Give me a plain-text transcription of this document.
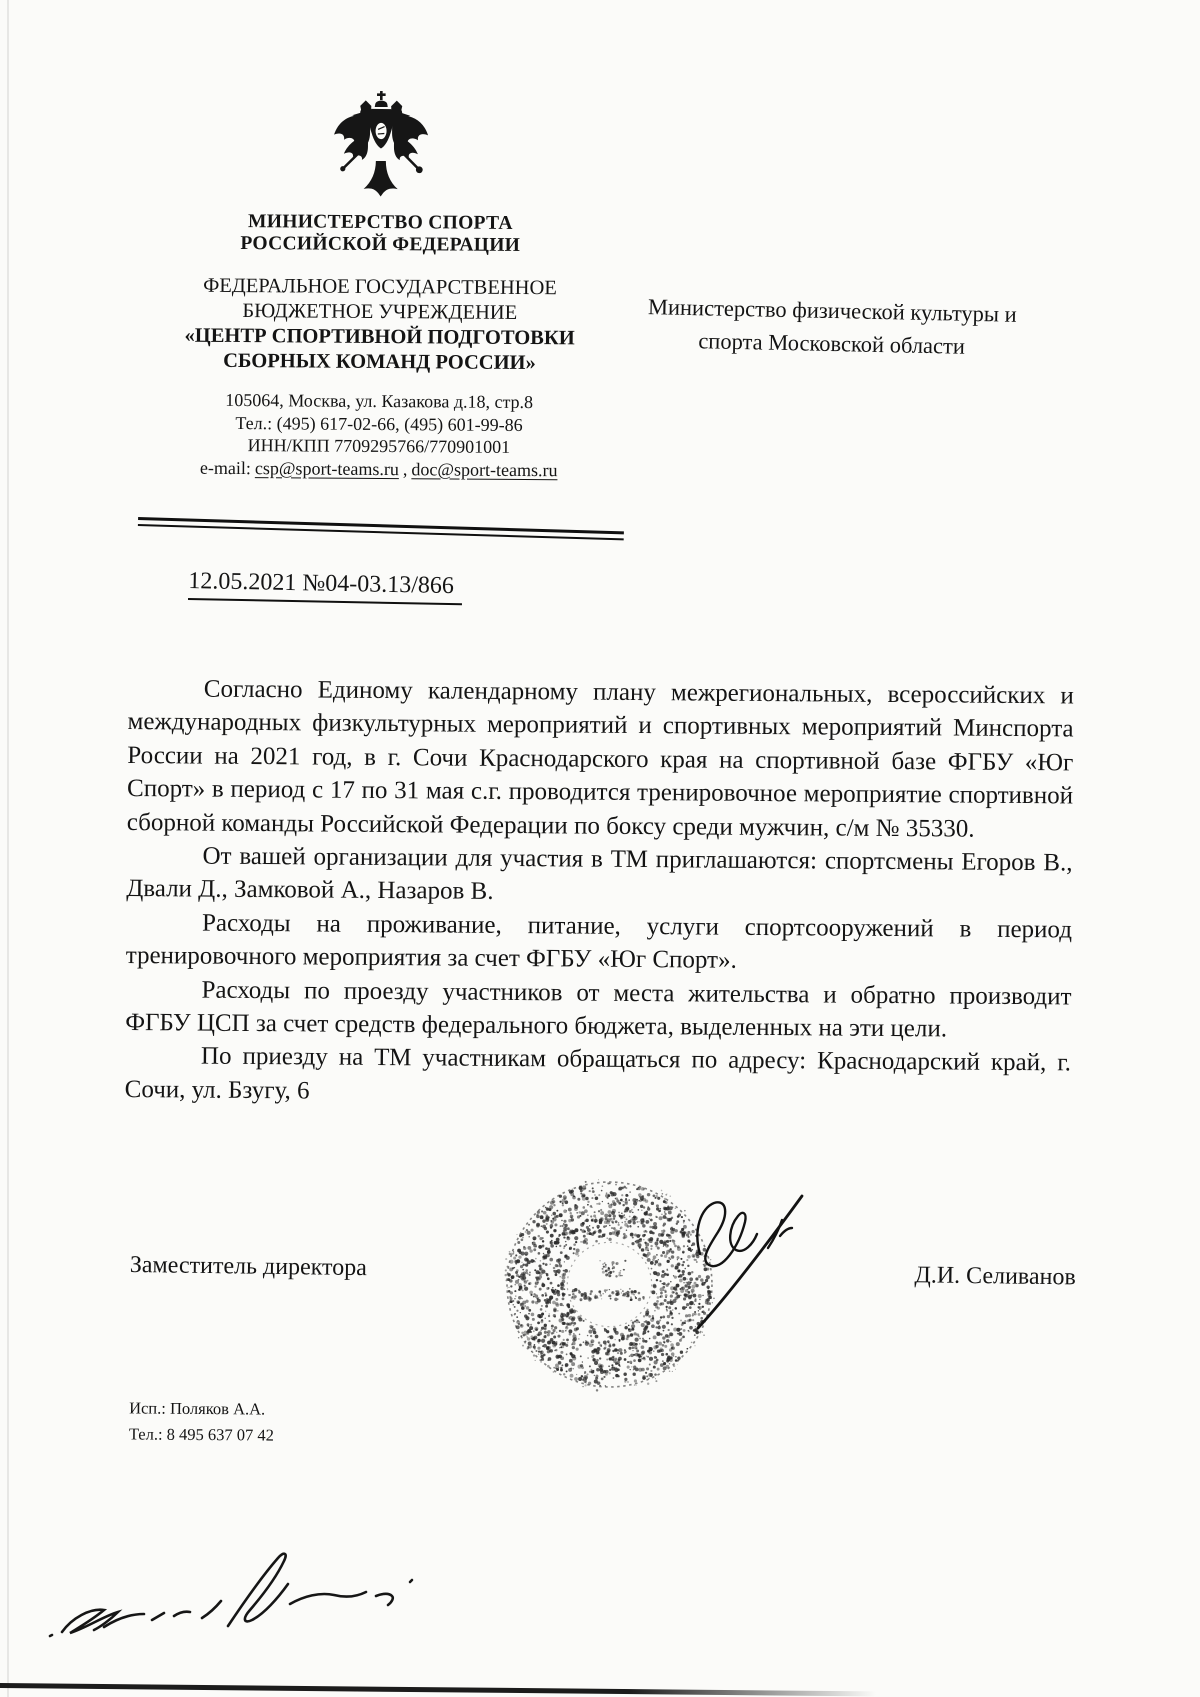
МИНИСТЕРСТВО СПОРТА
РОССИЙСКОЙ ФЕДЕРАЦИИ
ФЕДЕРАЛЬНОЕ ГОСУДАРСТВЕННОЕ
БЮДЖЕТНОЕ УЧРЕЖДЕНИЕ
«ЦЕНТР СПОРТИВНОЙ ПОДГОТОВКИ
СБОРНЫХ КОМАНД РОССИИ»
105064, Москва, ул. Казакова д.18, стр.8
Тел.: (495) 617-02-66, (495) 601-99-86
ИНН/КПП 7709295766/770901001
e-mail: csp@sport-teams.ru , doc@sport-teams.ru
Министерство физической культуры и
спорта Московской области
12.05.2021 №04-03.13/866

Согласно Единому календарному плану межрегиональных, всероссийских и международных физкультурных мероприятий и спортивных мероприятий Минспорта России на 2021 год, в г. Сочи Краснодарского края на спортивной базе ФГБУ «Юг Спорт» в период с 17 по 31 мая с.г. проводится тренировочное мероприятие спортивной сборной команды Российской Федерации по боксу среди мужчин, с/м № 35330.

От вашей организации для участия в ТМ приглашаются: спортсмены Егоров В., Двали Д., Замковой А., Назаров В.

Расходы на проживание, питание, услуги спортсооружений в период тренировочного мероприятия за счет ФГБУ «Юг Спорт».

Расходы по проезду участников от места жительства и обратно производит ФГБУ ЦСП за счет средств федерального бюджета, выделенных на эти цели.

По приезду на ТМ участникам обращаться по адресу: Краснодарский край, г. Сочи, ул. Бзугу, 6

Заместитель директора	Д.И. Селиванов
Исп.: Поляков А.А.
Тел.: 8 495 637 07 42
